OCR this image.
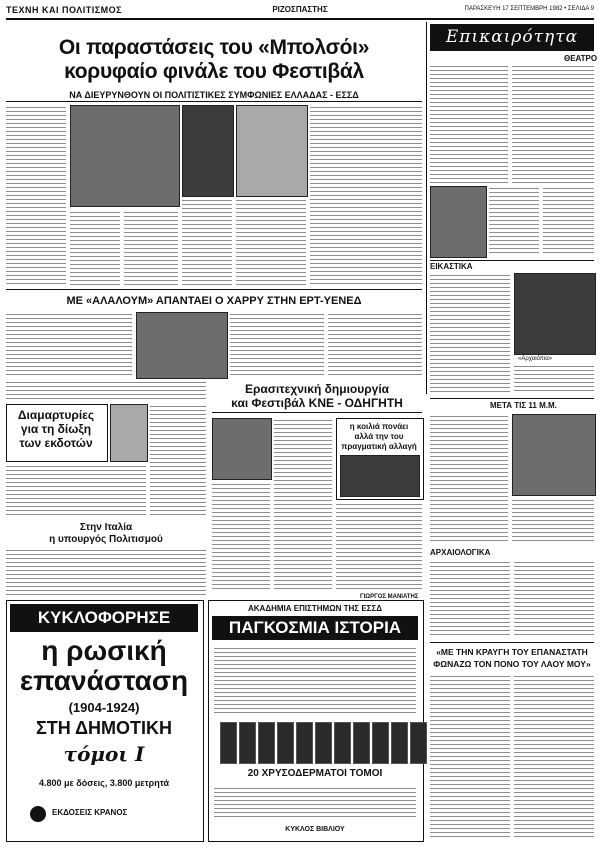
ΤΕΧΝΗ ΚΑΙ ΠΟΛΙΤΙΣΜΟΣ	ΡΙΖΟΣΠΑΣΤΗΣ	ΠΑΡΑΣΚΕΥΗ 17 ΣΕΠΤΕΜΒΡΗ 1982 • ΣΕΛΙΔΑ 9
Οι παραστάσεις του «Μπολσόι»
κορυφαίο φινάλε του Φεστιβάλ
ΝΑ ΔΙΕΥΡΥΝΘΟΥΝ ΟΙ ΠΟΛΙΤΙΣΤΙΚΕΣ ΣΥΜΦΩΝΙΕΣ ΕΛΛΑΔΑΣ - ΕΣΣΔ
Επικαιρότητα
ΘΕΑΤΡΟ
ΕΙΚΑΣΤΙΚΑ
«Αρχαιόπια»
ΜΕ «ΑΛΑΛΟΥΜ» ΑΠΑΝΤΑΕΙ Ο ΧΑΡΡΥ ΣΤΗΝ ΕΡΤ-ΥΕΝΕΔ
Διαμαρτυρίες
για τη δίωξη
των εκδοτών
Στην Ιταλία
η υπουργός Πολιτισμού
Ερασιτεχνική δημιουργία
και Φεστιβάλ ΚΝΕ - ΟΔΗΓΗΤΗ
η κοιλιά πονάει
αλλά την του
πραγματική αλλαγή
ΓΙΩΡΓΟΣ ΜΑΝΙΑΤΗΣ
ΜΕΤΑ ΤΙΣ 11 Μ.Μ.
ΑΡΧΑΙΟΛΟΓΙΚΑ
ΚΥΚΛΟΦΟΡΗΣΕ
η ρωσική
επανάσταση
(1904-1924)
ΣΤΗ ΔΗΜΟΤΙΚΗ
τόμοι Ι
4.800 με δόσεις, 3.800 μετρητά
ΕΚΔΟΣΕΙΣ ΚΡΑΝΟΣ
ΑΚΑΔΗΜΙΑ ΕΠΙΣΤΗΜΩΝ ΤΗΣ ΕΣΣΔ
ΠΑΓΚΟΣΜΙΑ ΙΣΤΟΡΙΑ
20 ΧΡΥΣΟΔΕΡΜΑΤΟΙ ΤΟΜΟΙ
ΚΥΚΛΟΣ ΒΙΒΛΙΟΥ
«ΜΕ ΤΗΝ ΚΡΑΥΓΗ ΤΟΥ ΕΠΑΝΑΣΤΑΤΗ
ΦΩΝΑΖΩ ΤΟΝ ΠΟΝΟ ΤΟΥ ΛΑΟΥ ΜΟΥ»
